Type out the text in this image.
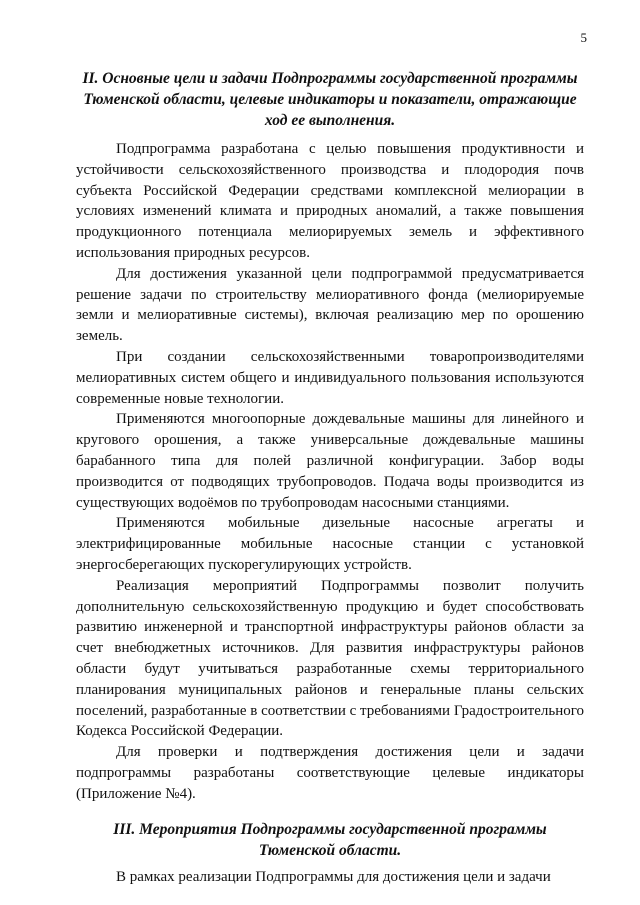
5

II. Основные цели и задачи Подпрограммы государственной программы Тюменской области, целевые индикаторы и показатели, отражающие ход ее выполнения.

Подпрограмма разработана с целью повышения продуктивности и устойчивости сельскохозяйственного производства и плодородия почв субъекта Российской Федерации средствами комплексной мелиорации в условиях изменений климата и природных аномалий, а также повышения продукционного потенциала мелиорируемых земель и эффективного использования природных ресурсов.

Для достижения указанной цели подпрограммой предусматривается решение задачи по строительству мелиоративного фонда (мелиорируемые земли и мелиоративные системы), включая реализацию мер по орошению земель.

При создании сельскохозяйственными товаропроизводителями мелиоративных систем общего и индивидуального пользования используются современные новые технологии.

Применяются многоопорные дождевальные машины для линейного и кругового орошения, а также универсальные дождевальные машины барабанного типа для полей различной конфигурации. Забор воды производится от подводящих трубопроводов. Подача воды производится из существующих водоёмов по трубопроводам насосными станциями.

Применяются мобильные дизельные насосные агрегаты и электрифицированные мобильные насосные станции с установкой энергосберегающих пускорегулирующих устройств.

Реализация мероприятий Подпрограммы позволит получить дополнительную сельскохозяйственную продукцию и будет способствовать развитию инженерной и транспортной инфраструктуры районов области за счет внебюджетных источников. Для развития инфраструктуры районов области будут учитываться разработанные схемы территориального планирования муниципальных районов и генеральные планы сельских поселений, разработанные в соответствии с требованиями Градостроительного Кодекса Российской Федерации.

Для проверки и подтверждения достижения цели и задачи подпрограммы разработаны соответствующие целевые индикаторы (Приложение №4).

III. Мероприятия Подпрограммы государственной программы Тюменской области.

В рамках реализации Подпрограммы для достижения цели и задачи
